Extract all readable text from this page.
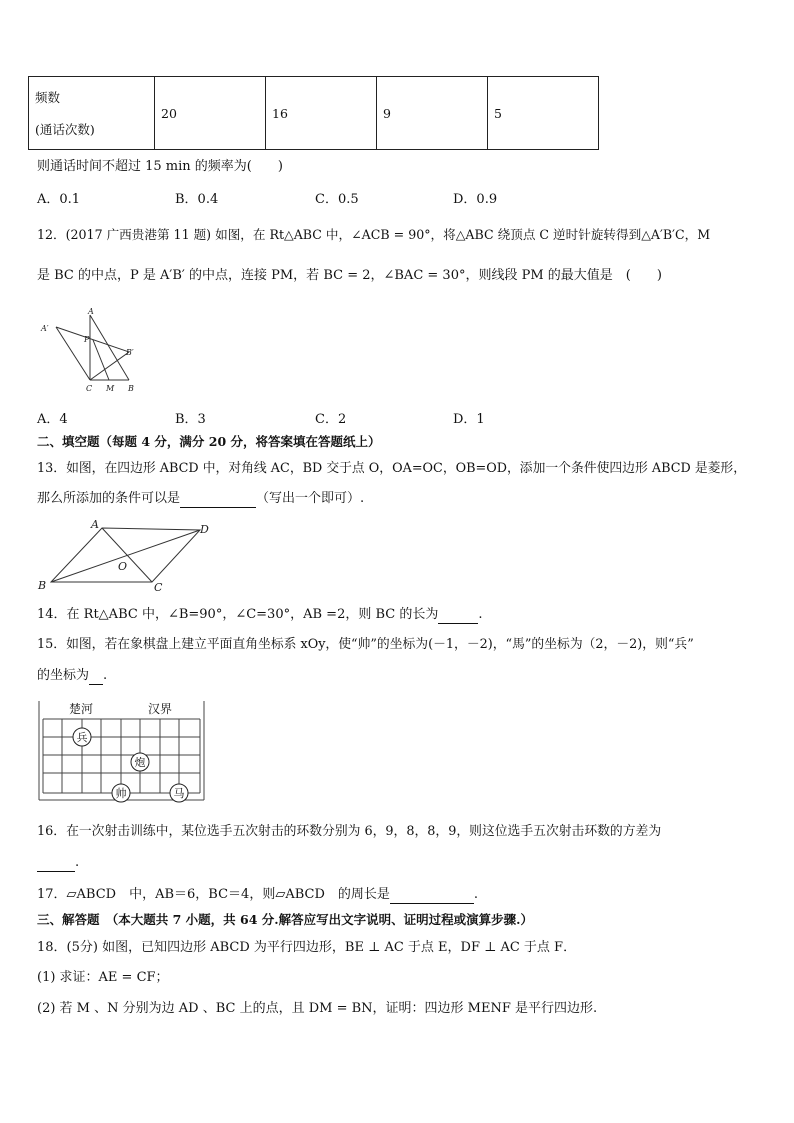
频数
(通话次数)
	20	16	9	5
则通话时间不超过 15 min 的频率为(　　)
A．0.1	B．0.4	C．0.5	D．0.9
12．(2017 广西贵港第 11 题) 如图，在 Rt△ABC 中，∠ACB = 90°，将△ABC 绕顶点 C 逆时针旋转得到△A′B′C，M
是 BC 的中点，P 是 A′B′ 的中点，连接 PM，若 BC = 2，∠BAC = 30°，则线段 PM 的最大值是　(　　)
A′
A
P
B′
C M B
A．4	B．3	C．2	D．1
二、填空题（每题 4 分，满分 20 分，将答案填在答题纸上）
13．如图，在四边形 ABCD 中，对角线 AC，BD 交于点 O，OA=OC，OB=OD，添加一个条件使四边形 ABCD 是菱形，
那么所添加的条件可以是	（写出一个即可）.
A	D
O
B	C
14．在 Rt△ABC 中，∠B=90°，∠C=30°，AB =2，则 BC 的长为	.
15．如图，若在象棋盘上建立平面直角坐标系 xOy，使“帅”的坐标为(－1，－2)，“馬”的坐标为（2，－2)，则“兵”
的坐标为 .
楚河	汉界
兵
炮
帅	马
16．在一次射击训练中，某位选手五次射击的环数分别为 6，9，8，8，9，则这位选手五次射击环数的方差为
.
17．▱ABCD　中，AB＝6，BC＝4，则▱ABCD　的周长是	.
三、解答题　（本大题共 7 小题，共 64 分.解答应写出文字说明、证明过程或演算步骤.）
18．(5分) 如图，已知四边形 ABCD 为平行四边形，BE ⊥ AC 于点 E，DF ⊥ AC 于点 F．
(1) 求证：AE = CF；
(2) 若 M 、N 分别为边 AD 、BC 上的点，且 DM = BN，证明：四边形 MENF 是平行四边形.
